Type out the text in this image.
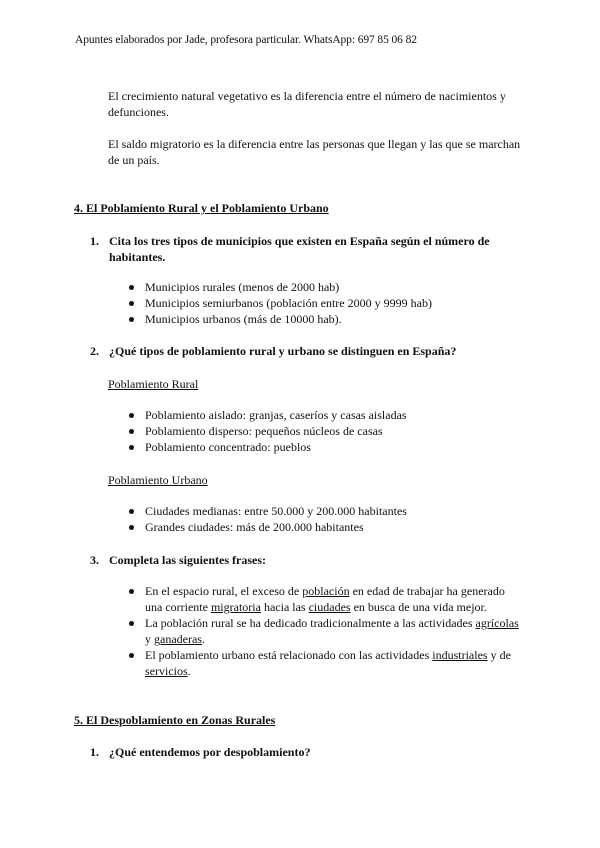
Apuntes elaborados por Jade, profesora particular. WhatsApp: 697 85 06 82
El crecimiento natural vegetativo es la diferencia entre el número de nacimientos y defunciones.
El saldo migratorio es la diferencia entre las personas que llegan y las que se marchan de un país.
4. El Poblamiento Rural y el Poblamiento Urbano
1. Cita los tres tipos de municipios que existen en España según el número de habitantes.
Municipios rurales (menos de 2000 hab)
Municipios semiurbanos (población entre 2000 y 9999 hab)
Municipios urbanos (más de 10000 hab).
2. ¿Qué tipos de poblamiento rural y urbano se distinguen en España?
Poblamiento Rural
Poblamiento aislado: granjas, caseríos y casas aisladas
Poblamiento disperso: pequeños núcleos de casas
Poblamiento concentrado: pueblos
Poblamiento Urbano
Ciudades medianas: entre 50.000 y 200.000 habitantes
Grandes ciudades: más de 200.000 habitantes
3. Completa las siguientes frases:
En el espacio rural, el exceso de población en edad de trabajar ha generado una corriente migratoria hacia las ciudades en busca de una vida mejor.
La población rural se ha dedicado tradicionalmente a las actividades agrícolas y ganaderas.
El poblamiento urbano está relacionado con las actividades industriales y de servicios.
5. El Despoblamiento en Zonas Rurales
1. ¿Qué entendemos por despoblamiento?
